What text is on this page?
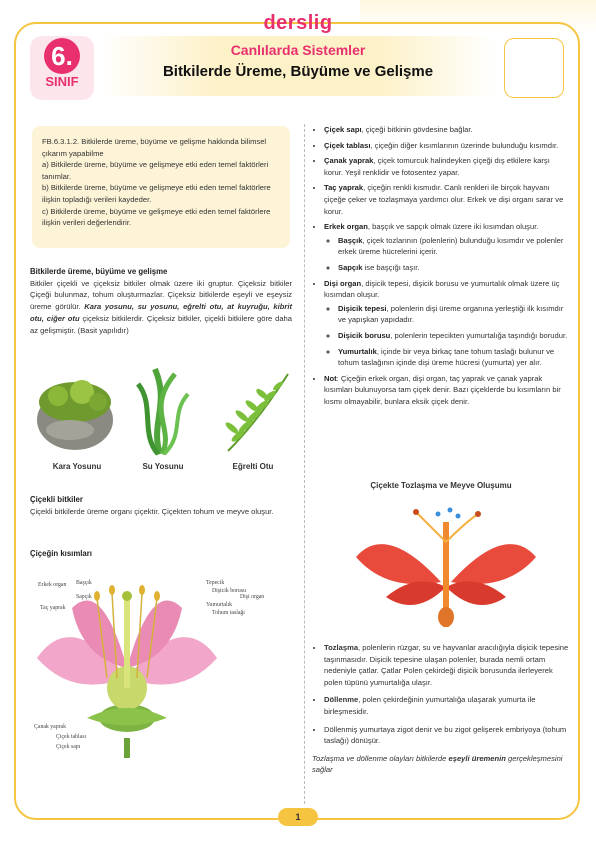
derslig
6.
SINIF
Canlılarda Sistemler
Bitkilerde Üreme, Büyüme ve Gelişme
FB.6.3.1.2. Bitkilerde üreme, büyüme ve gelişme hakkında bilimsel çıkarım yapabilme
a) Bitkilerde üreme, büyüme ve gelişmeye etki eden temel faktörleri tanımlar.
b) Bitkilerde üreme, büyüme ve gelişmeye etki eden temel faktörlere ilişkin topladığı verileri kaydeder.
c) Bitkilerde üreme, büyüme ve gelişmeye etki eden temel faktörlere ilişkin verileri değerlendirir.
Bitkilerde üreme, büyüme ve gelişme
Bitkiler çiçekli ve çiçeksiz bitkiler olmak üzere iki gruptur. Çiçeksiz bitkiler Çiçeği bulunmaz, tohum oluşturmazlar. Çiçeksiz bitkilerde eşeyli ve eşeysiz üreme görülür. Kara yosunu, su yosunu, eğrelti otu, at kuyruğu, kibrit otu, ciğer otu çiçeksiz bitkilerdir. Çiçeksiz bitkiler, çiçekli bitkilere göre daha az gelişmiştir. (Basit yapılıdır)
Kara Yosunu	Su Yosunu	Eğrelti Otu
Çiçekli bitkiler
Çiçekli bitkilerde üreme organı çiçektir. Çiçekten tohum ve meyve oluşur.
Çiçeğin kısımları
Erkek organ Başçık
Sapçık
Taç yaprak
Tepecik
Dişicik borusu
Yumurtalık
Tohum taslağı
Dişi organ
Çanak yaprak
Çiçek tablası
Çiçek sapı
• Çiçek sapı, çiçeği bitkinin gövdesine bağlar.
• Çiçek tablası, çiçeğin diğer kısımlarının üzerinde bulunduğu kısımdır.
• Çanak yaprak, çiçek tomurcuk halindeyken çiçeği dış etkilere karşı korur. Yeşil renklidir ve fotosentez yapar.
• Taç yaprak, çiçeğin renkli kısmıdır. Canlı renkleri ile birçok hayvanı çiçeğe çeker ve tozlaşmaya yardımcı olur. Erkek ve dişi organı sarar ve korur.
• Erkek organ, başçık ve sapçık olmak üzere iki kısımdan oluşur.
◦ Başçık, çiçek tozlarının (polenlerin) bulunduğu kısımdır ve polenler erkek üreme hücrelerini içerir.
◦ Sapçık ise başçığı taşır.
• Dişi organ, dişicik tepesi, dişicik borusu ve yumurtalık olmak üzere üç kısımdan oluşur.
◦ Dişicik tepesi, polenlerin dişi üreme organına yerleştiği ilk kısımdır ve yapışkan yapıdadır.
◦ Dişicik borusu, polenlerin tepecikten yumurtalığa taşındığı borudur.
◦ Yumurtalık, içinde bir veya birkaç tane tohum taslağı bulunur ve tohum taslağının içinde dişi üreme hücresi (yumurta) yer alır.
• Not: Çiçeğin erkek organ, dişi organ, taç yaprak ve çanak yaprak kısımları bulunuyorsa tam çiçek denir. Bazı çiçeklerde bu kısımların bir kısmı olmayabilir, bunlara eksik çiçek denir.
Çiçekte Tozlaşma ve Meyve Oluşumu
• Tozlaşma, polenlerin rüzgar, su ve hayvanlar aracılığıyla dişicik tepesine taşınmasıdır. Dişicik tepesine ulaşan polenler, burada nemli ortam nedeniyle çatlar. Çatlar Polen çekirdeği dişicik borusunda ilerleyerek polen tüpünü yumurtalığa ulaşır.
• Döllenme, polen çekirdeğinin yumurtalığa ulaşarak yumurta ile birleşmesidir.
• Döllenmiş yumurtaya zigot denir ve bu zigot gelişerek embriyoya (tohum taslağı) dönüşür.
Tozlaşma ve döllenme olayları bitkilerde eşeyli üremenin gerçekleşmesini sağlar
1
